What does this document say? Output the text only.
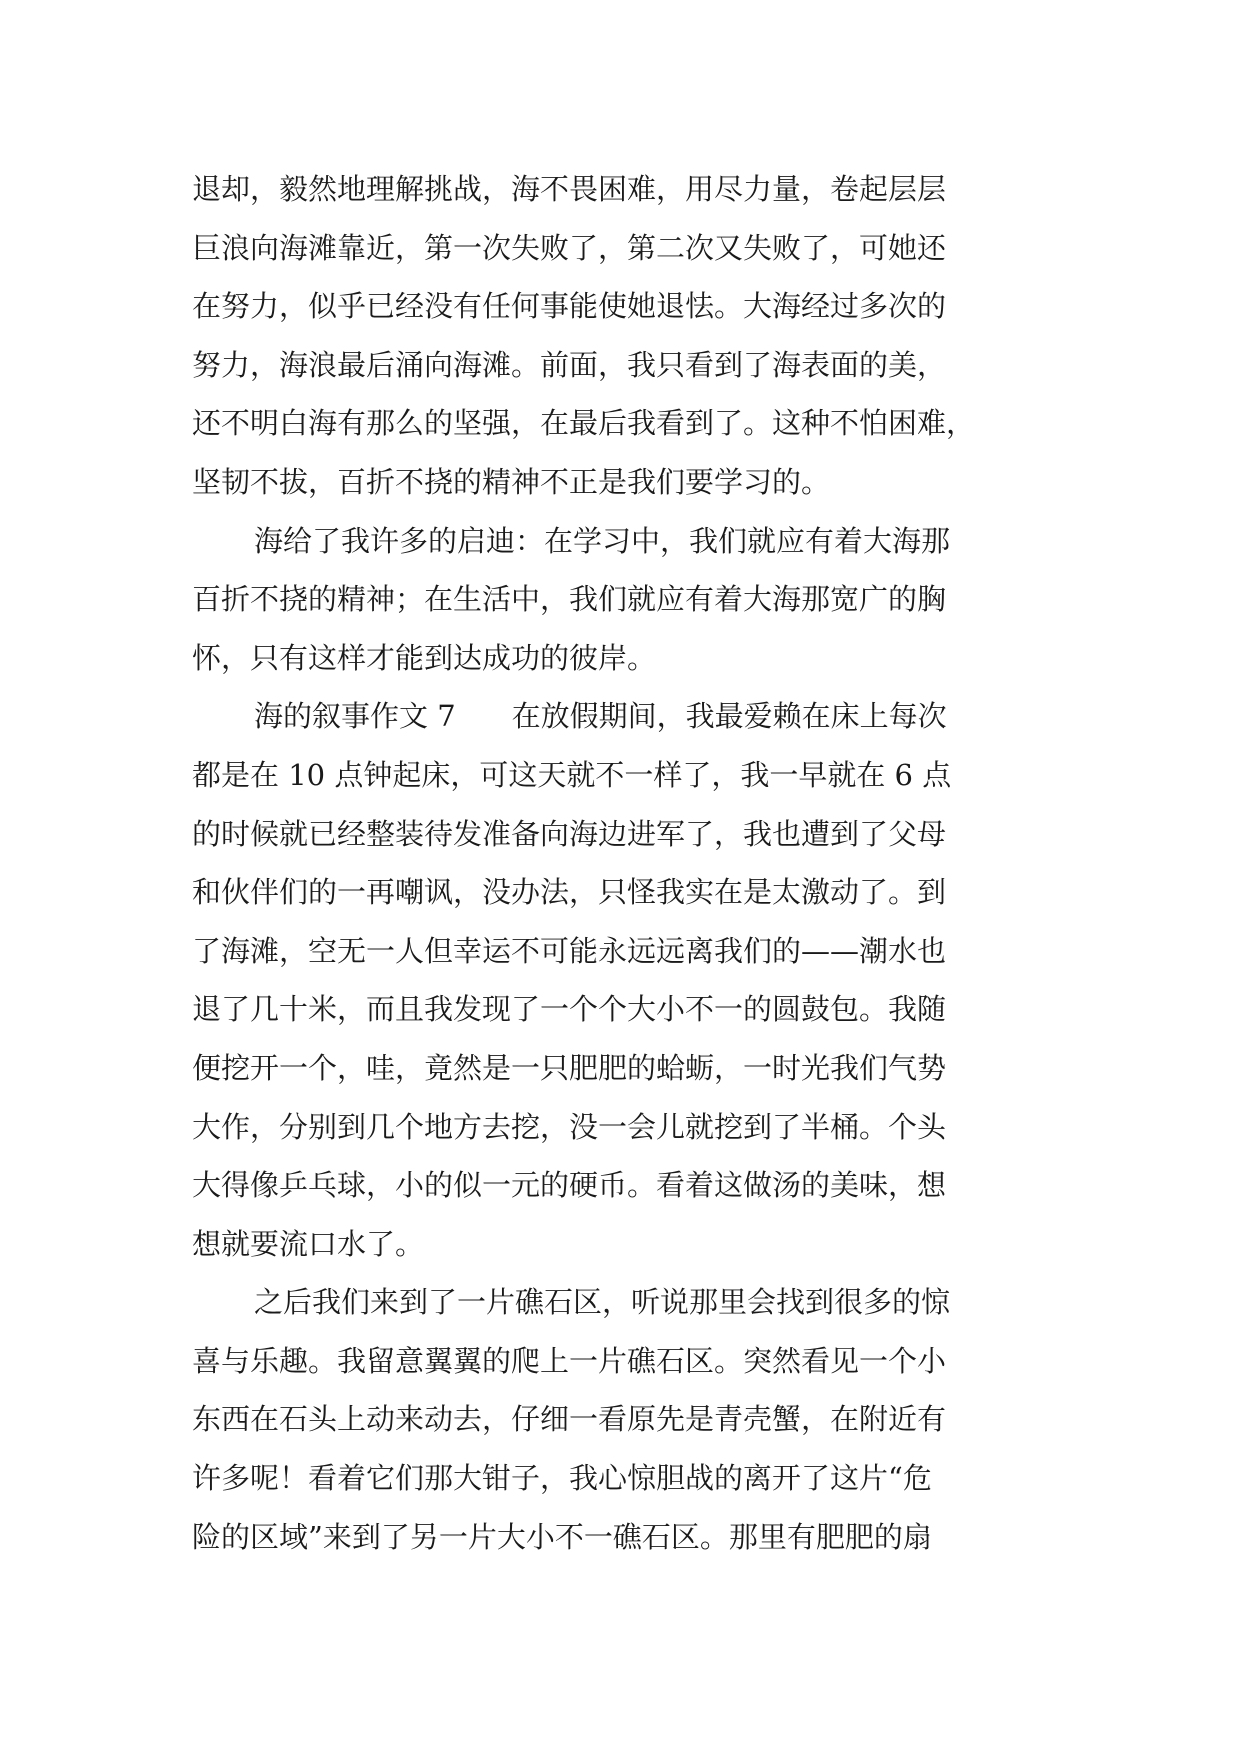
退却，毅然地理解挑战，海不畏困难，用尽力量，卷起层层
巨浪向海滩靠近，第一次失败了，第二次又失败了，可她还
在努力，似乎已经没有任何事能使她退怯。大海经过多次的
努力，海浪最后涌向海滩。前面，我只看到了海表面的美，
还不明白海有那么的坚强，在最后我看到了。这种不怕困难，
坚韧不拔，百折不挠的精神不正是我们要学习的。
海给了我许多的启迪：在学习中，我们就应有着大海那
百折不挠的精神；在生活中，我们就应有着大海那宽广的胸
怀，只有这样才能到达成功的彼岸。
海的叙事作文 7 在放假期间，我最爱赖在床上每次
都是在 10 点钟起床，可这天就不一样了，我一早就在 6 点
的时候就已经整装待发准备向海边进军了，我也遭到了父母
和伙伴们的一再嘲讽，没办法，只怪我实在是太激动了。到
了海滩，空无一人但幸运不可能永远远离我们的——潮水也
退了几十米，而且我发现了一个个大小不一的圆鼓包。我随
便挖开一个，哇，竟然是一只肥肥的蛤蛎，一时光我们气势
大作，分别到几个地方去挖，没一会儿就挖到了半桶。个头
大得像乒乓球，小的似一元的硬币。看着这做汤的美味，想
想就要流口水了。
之后我们来到了一片礁石区，听说那里会找到很多的惊
喜与乐趣。我留意翼翼的爬上一片礁石区。突然看见一个小
东西在石头上动来动去，仔细一看原先是青壳蟹，在附近有
许多呢！看着它们那大钳子，我心惊胆战的离开了这片“危
险的区域”来到了另一片大小不一礁石区。那里有肥肥的扇
